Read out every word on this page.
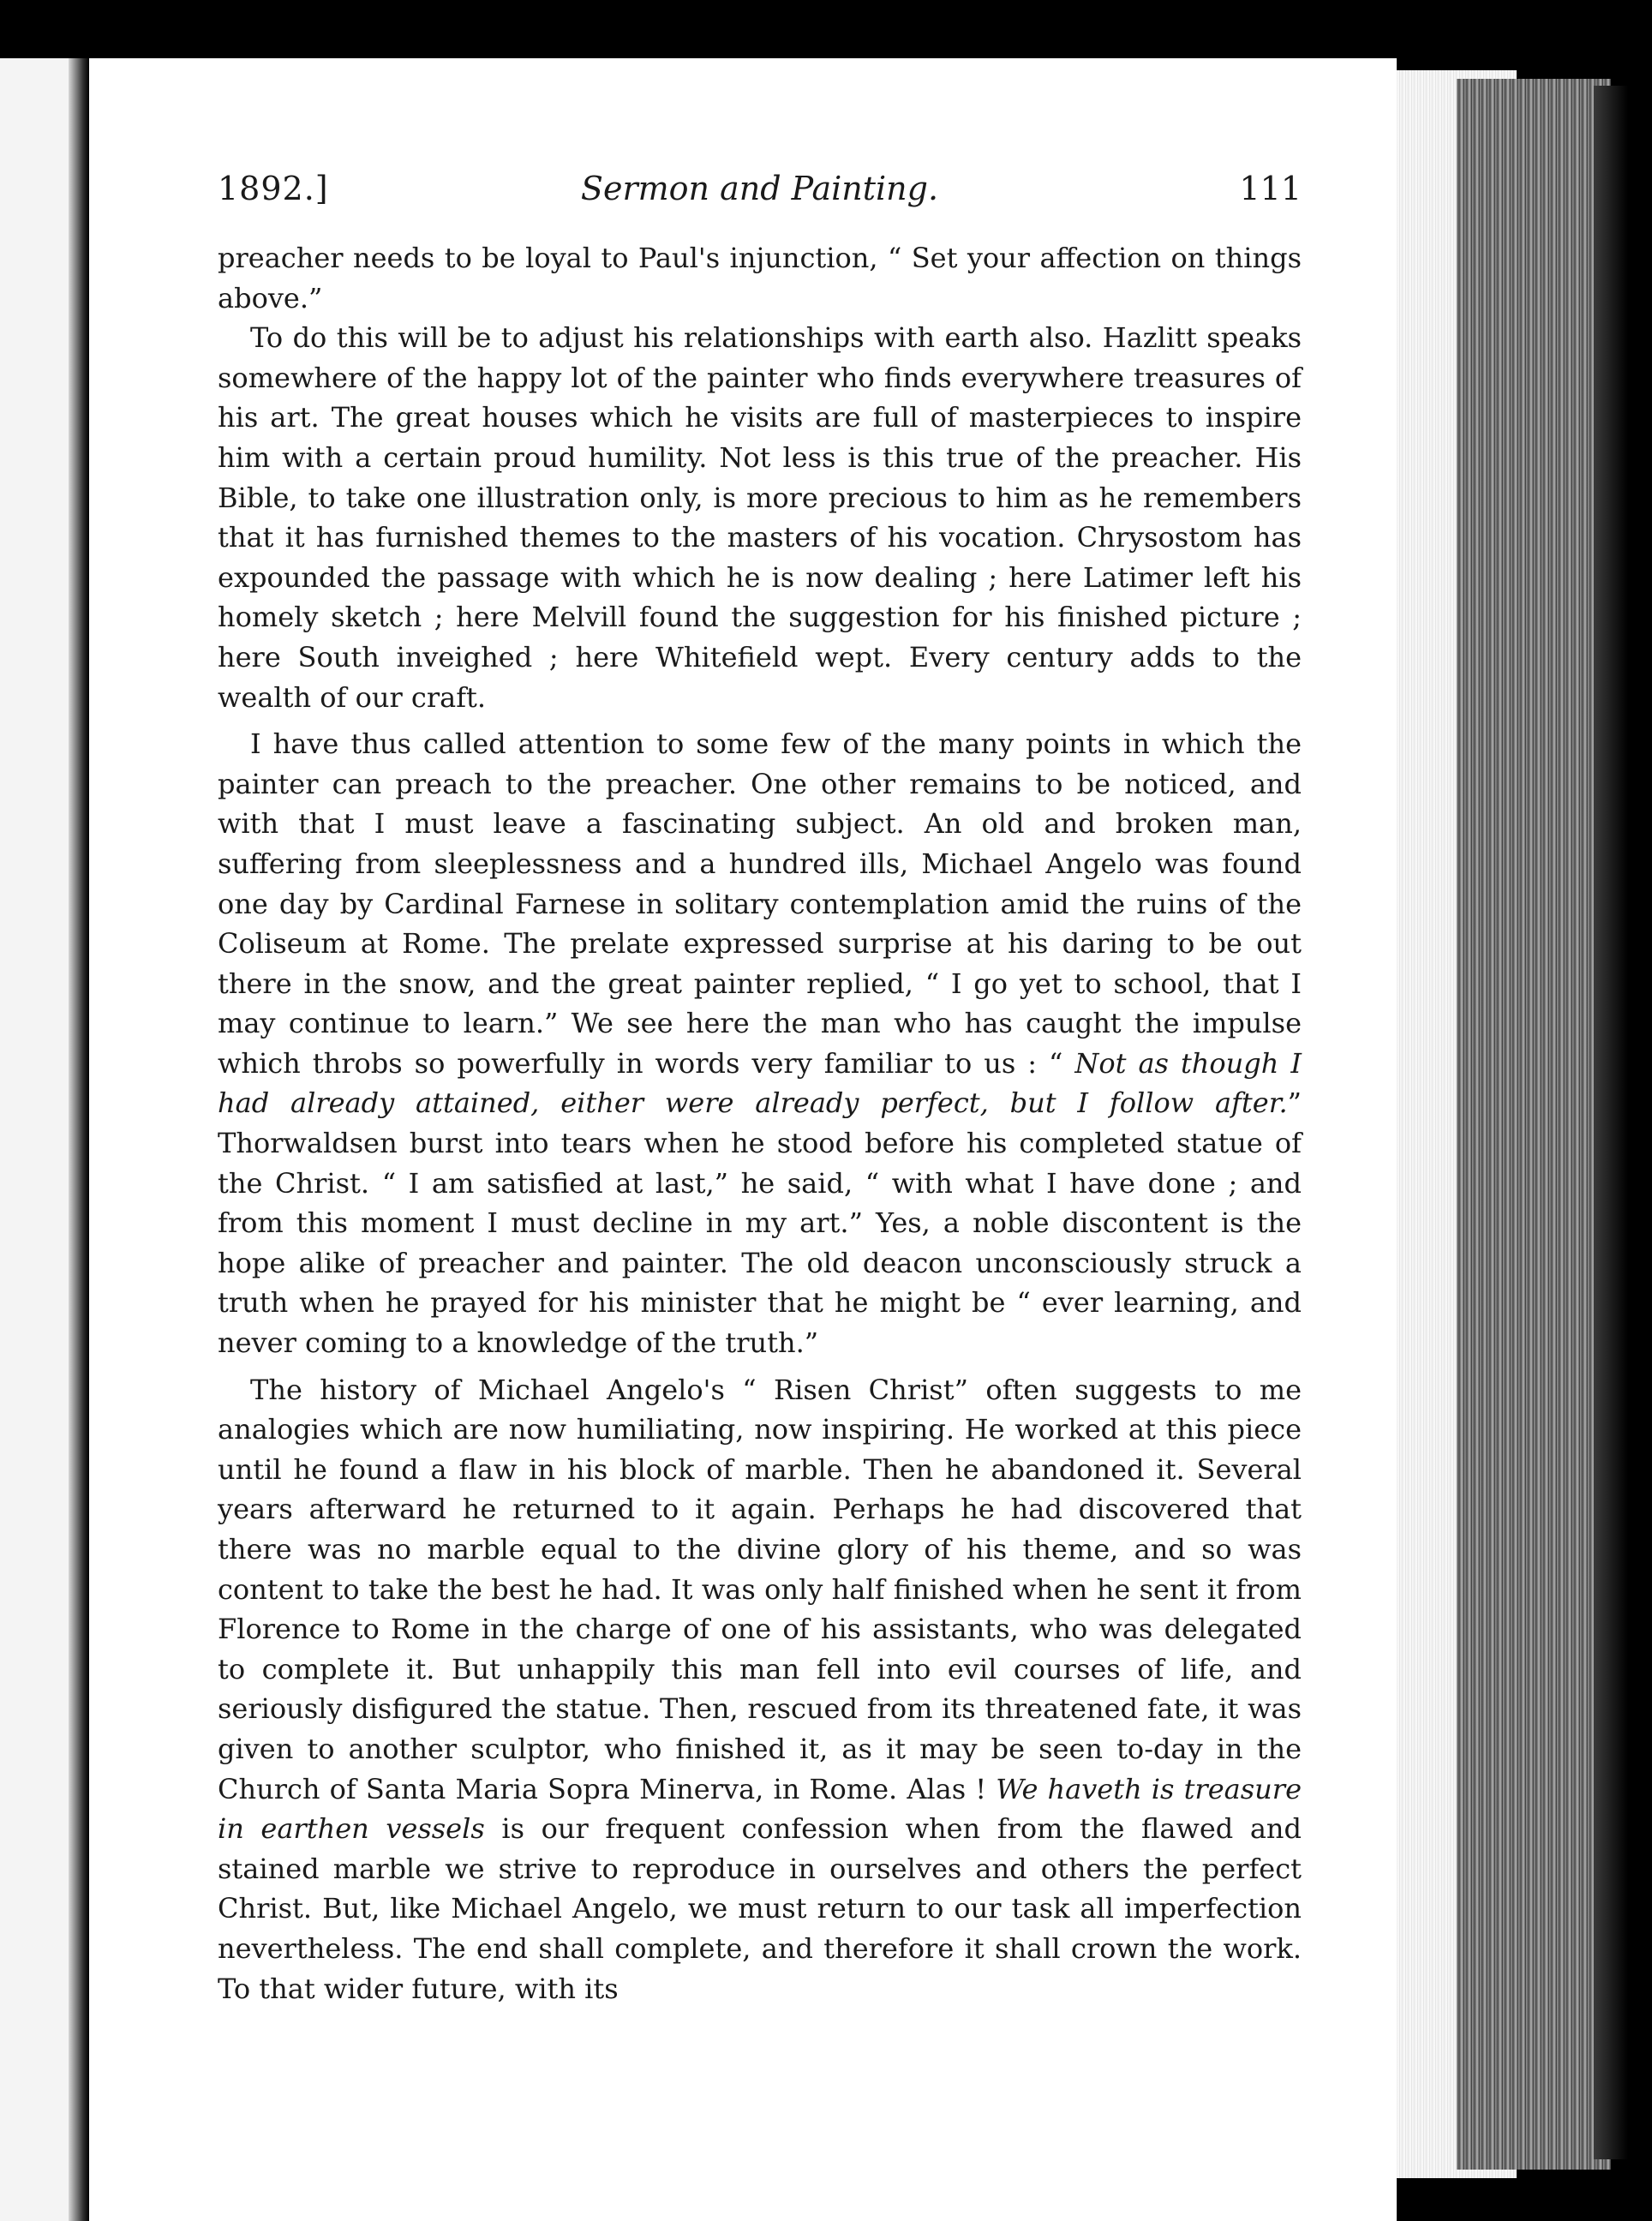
1892.]	Sermon and Painting.	111

preacher needs to be loyal to Paul's injunction, “ Set your affection on things above.”

To do this will be to adjust his relationships with earth also. Hazlitt speaks somewhere of the happy lot of the painter who finds everywhere treasures of his art. The great houses which he visits are full of masterpieces to inspire him with a certain proud humility. Not less is this true of the preacher. His Bible, to take one illustration only, is more precious to him as he remembers that it has furnished themes to the masters of his vocation. Chrysostom has expounded the passage with which he is now dealing ; here Latimer left his homely sketch ; here Melvill found the suggestion for his finished picture ; here South inveighed ; here Whitefield wept. Every century adds to the wealth of our craft.

I have thus called attention to some few of the many points in which the painter can preach to the preacher. One other remains to be noticed, and with that I must leave a fascinating subject. An old and broken man, suffering from sleeplessness and a hundred ills, Michael Angelo was found one day by Cardinal Farnese in solitary contemplation amid the ruins of the Coliseum at Rome. The prelate expressed surprise at his daring to be out there in the snow, and the great painter replied, “ I go yet to school, that I may continue to learn.” We see here the man who has caught the impulse which throbs so powerfully in words very familiar to us : “ Not as though I had already attained, either were already perfect, but I follow after.” Thorwaldsen burst into tears when he stood before his completed statue of the Christ. “ I am satisfied at last,” he said, “ with what I have done ; and from this moment I must decline in my art.” Yes, a noble discontent is the hope alike of preacher and painter. The old deacon unconsciously struck a truth when he prayed for his minister that he might be “ ever learning, and never coming to a knowledge of the truth.”

The history of Michael Angelo's “ Risen Christ” often suggests to me analogies which are now humiliating, now inspiring. He worked at this piece until he found a flaw in his block of marble. Then he abandoned it. Several years afterward he returned to it again. Perhaps he had discovered that there was no marble equal to the divine glory of his theme, and so was content to take the best he had. It was only half finished when he sent it from Florence to Rome in the charge of one of his assistants, who was delegated to complete it. But unhappily this man fell into evil courses of life, and seriously disfigured the statue. Then, rescued from its threatened fate, it was given to another sculptor, who finished it, as it may be seen to-day in the Church of Santa Maria Sopra Minerva, in Rome. Alas ! We haveth is treasure in earthen vessels is our frequent confession when from the flawed and stained marble we strive to reproduce in ourselves and others the perfect Christ. But, like Michael Angelo, we must return to our task all imperfection nevertheless. The end shall complete, and therefore it shall crown the work. To that wider future, with its
